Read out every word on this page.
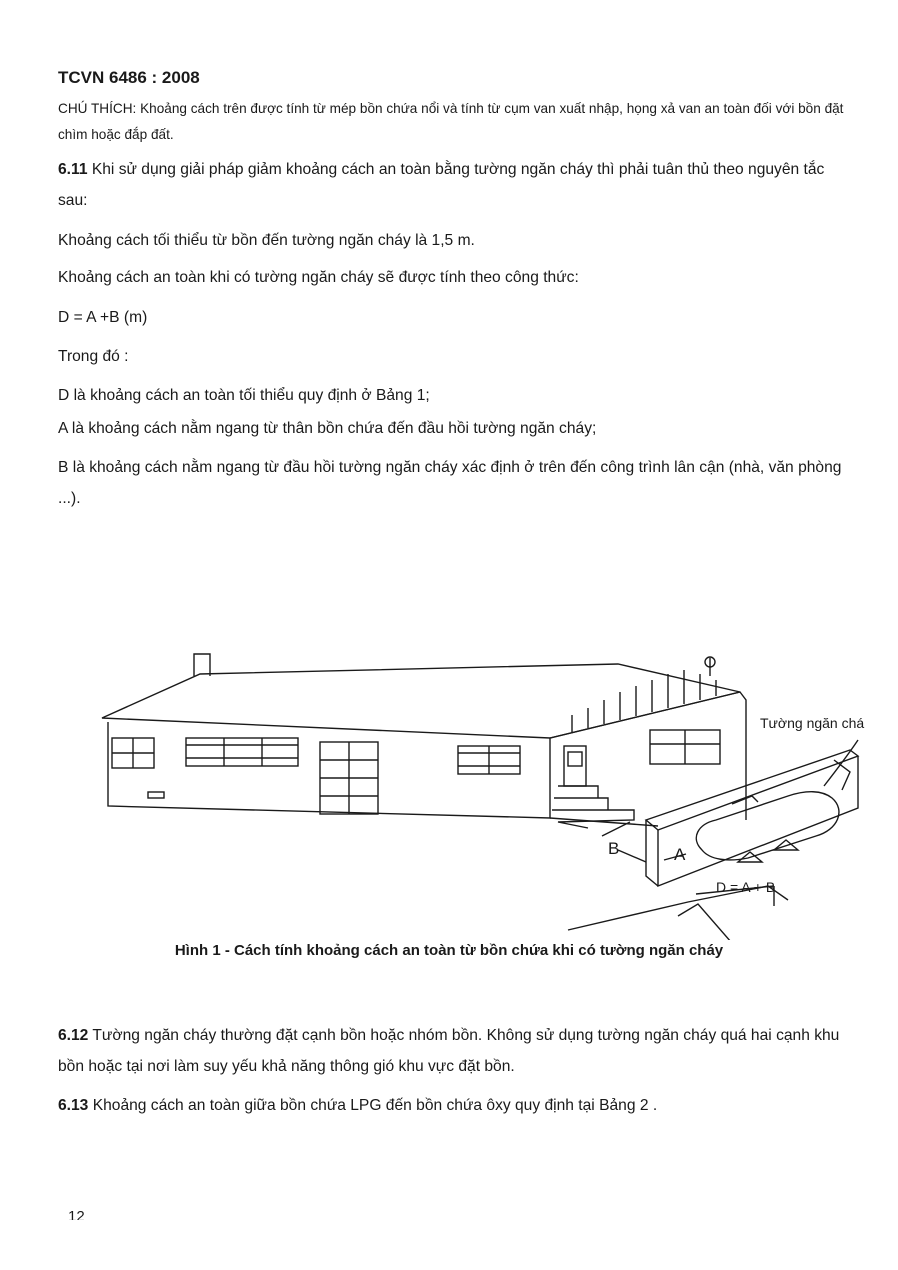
TCVN 6486 : 2008
CHÚ THÍCH: Khoảng cách trên được tính từ mép bồn chứa nổi và tính từ cụm van xuất nhập, họng xả van an toàn đối với bồn đặt chìm hoặc đắp đất.
6.11 Khi sử dụng giải pháp giảm khoảng cách an toàn bằng tường ngăn cháy thì phải tuân thủ theo nguyên tắc sau:
Khoảng cách tối thiểu từ bồn đến tường ngăn cháy là 1,5 m.
Khoảng cách an toàn khi có tường ngăn cháy sẽ được tính theo công thức:
D = A +B (m)
Trong đó :
D là khoảng cách an toàn tối thiểu quy định ở Bảng 1;
A là khoảng cách nằm ngang từ thân bồn chứa đến đầu hồi tường ngăn cháy;
B là khoảng cách nằm ngang từ đầu hồi tường ngăn cháy xác định ở trên đến công trình lân cận (nhà, văn phòng ...).
Tường ngăn chá
B	A
D = A + B
Hình 1 - Cách tính khoảng cách an toàn từ bồn chứa khi có tường ngăn cháy
6.12 Tường ngăn cháy thường đặt cạnh bồn hoặc nhóm bồn. Không sử dụng tường ngăn cháy quá hai cạnh khu bồn hoặc tại nơi làm suy yếu khả năng thông gió khu vực đặt bồn.
6.13 Khoảng cách an toàn giữa bồn chứa LPG đến bồn chứa ôxy quy định tại Bảng 2 .
12
